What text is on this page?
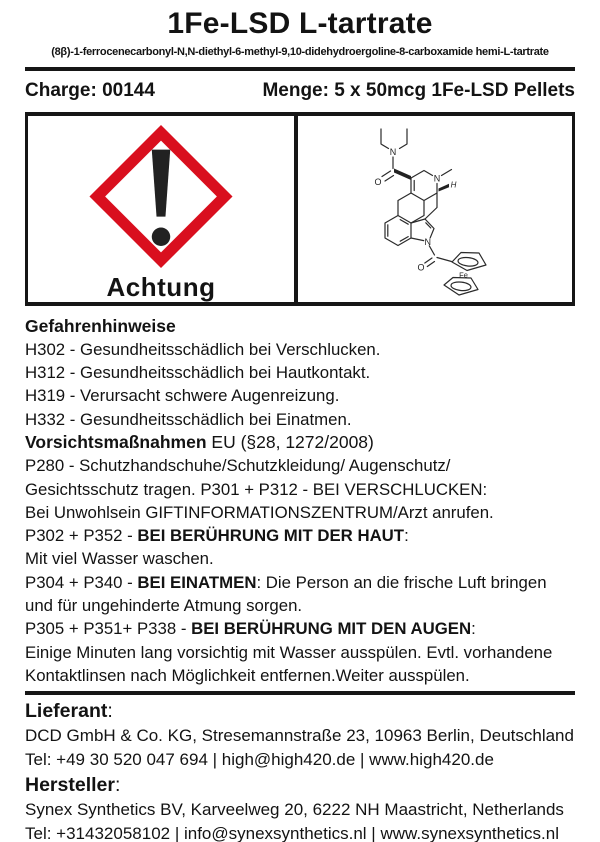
1Fe-LSD L-tartrate
(8β)-1-ferrocenecarbonyl-N,N-diethyl-6-methyl-9,10-didehydroergoline-8-carboxamide hemi-L-tartrate
Charge: 00144	Menge: 5 x 50mcg 1Fe-LSD Pellets
Achtung
N
O	N
H
N
O
Fe
Gefahrenhinweise
H302 - Gesundheitsschädlich bei Verschlucken.
H312 - Gesundheitsschädlich bei Hautkontakt.
H319 - Verursacht schwere Augenreizung.
H332 - Gesundheitsschädlich bei Einatmen.
Vorsichtsmaßnahmen EU (§28, 1272/2008)
P280 - Schutzhandschuhe/Schutzkleidung/ Augenschutz/
Gesichtsschutz tragen. P301 + P312 - BEI VERSCHLUCKEN:
Bei Unwohlsein GIFTINFORMATIONSZENTRUM/Arzt anrufen.
P302 + P352 - BEI BERÜHRUNG MIT DER HAUT:
Mit viel Wasser waschen.
P304 + P340 - BEI EINATMEN: Die Person an die frische Luft bringen
und für ungehinderte Atmung sorgen.
P305 + P351+ P338 - BEI BERÜHRUNG MIT DEN AUGEN:
Einige Minuten lang vorsichtig mit Wasser ausspülen. Evtl. vorhandene
Kontaktlinsen nach Möglichkeit entfernen.Weiter ausspülen.
Lieferant:
DCD GmbH & Co. KG, Stresemannstraße 23, 10963 Berlin, Deutschland
Tel: +49 30 520 047 694 | high@high420.de | www.high420.de
Hersteller:
Synex Synthetics BV, Karveelweg 20, 6222 NH Maastricht, Netherlands
Tel: +31432058102 | info@synexsynthetics.nl | www.synexsynthetics.nl
